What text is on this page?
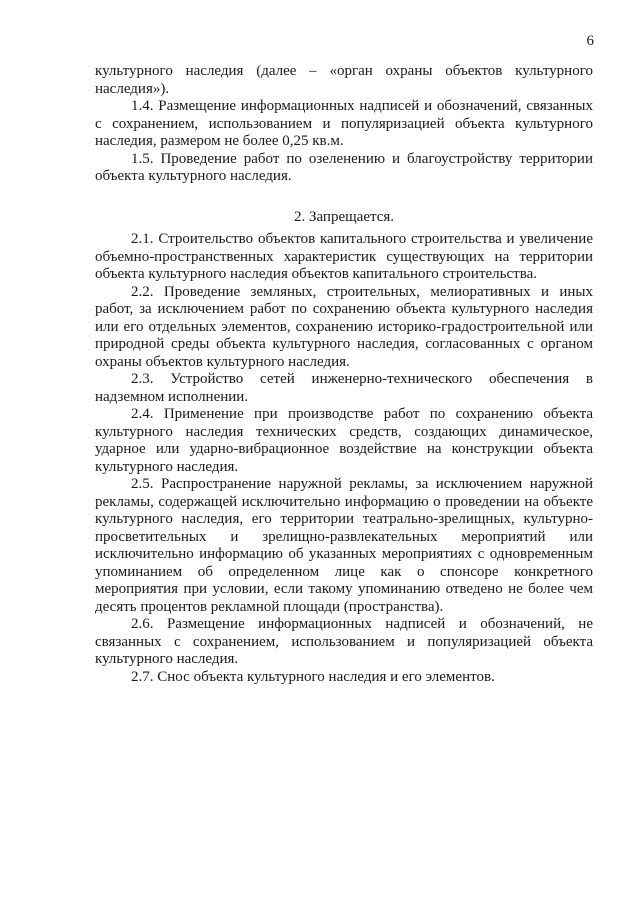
6

культурного наследия (далее – «орган охраны объектов культурного наследия»).

1.4. Размещение информационных надписей и обозначений, связанных с сохранением, использованием и популяризацией объекта культурного наследия, размером не более 0,25 кв.м.

1.5. Проведение работ по озеленению и благоустройству территории объекта культурного наследия.

2. Запрещается.

2.1. Строительство объектов капитального строительства и увеличение объемно-пространственных характеристик существующих на территории объекта культурного наследия объектов капитального строительства.

2.2. Проведение земляных, строительных, мелиоративных и иных работ, за исключением работ по сохранению объекта культурного наследия или его отдельных элементов, сохранению историко-градостроительной или природной среды объекта культурного наследия, согласованных с органом охраны объектов культурного наследия.

2.3. Устройство сетей инженерно-технического обеспечения в надземном исполнении.

2.4. Применение при производстве работ по сохранению объекта культурного наследия технических средств, создающих динамическое, ударное или ударно-вибрационное воздействие на конструкции объекта культурного наследия.

2.5. Распространение наружной рекламы, за исключением наружной рекламы, содержащей исключительно информацию о проведении на объекте культурного наследия, его территории театрально-зрелищных, культурно-просветительных и зрелищно-развлекательных мероприятий или исключительно информацию об указанных мероприятиях с одновременным упоминанием об определенном лице как о спонсоре конкретного мероприятия при условии, если такому упоминанию отведено не более чем десять процентов рекламной площади (пространства).

2.6. Размещение информационных надписей и обозначений, не связанных с сохранением, использованием и популяризацией объекта культурного наследия.

2.7. Снос объекта культурного наследия и его элементов.
